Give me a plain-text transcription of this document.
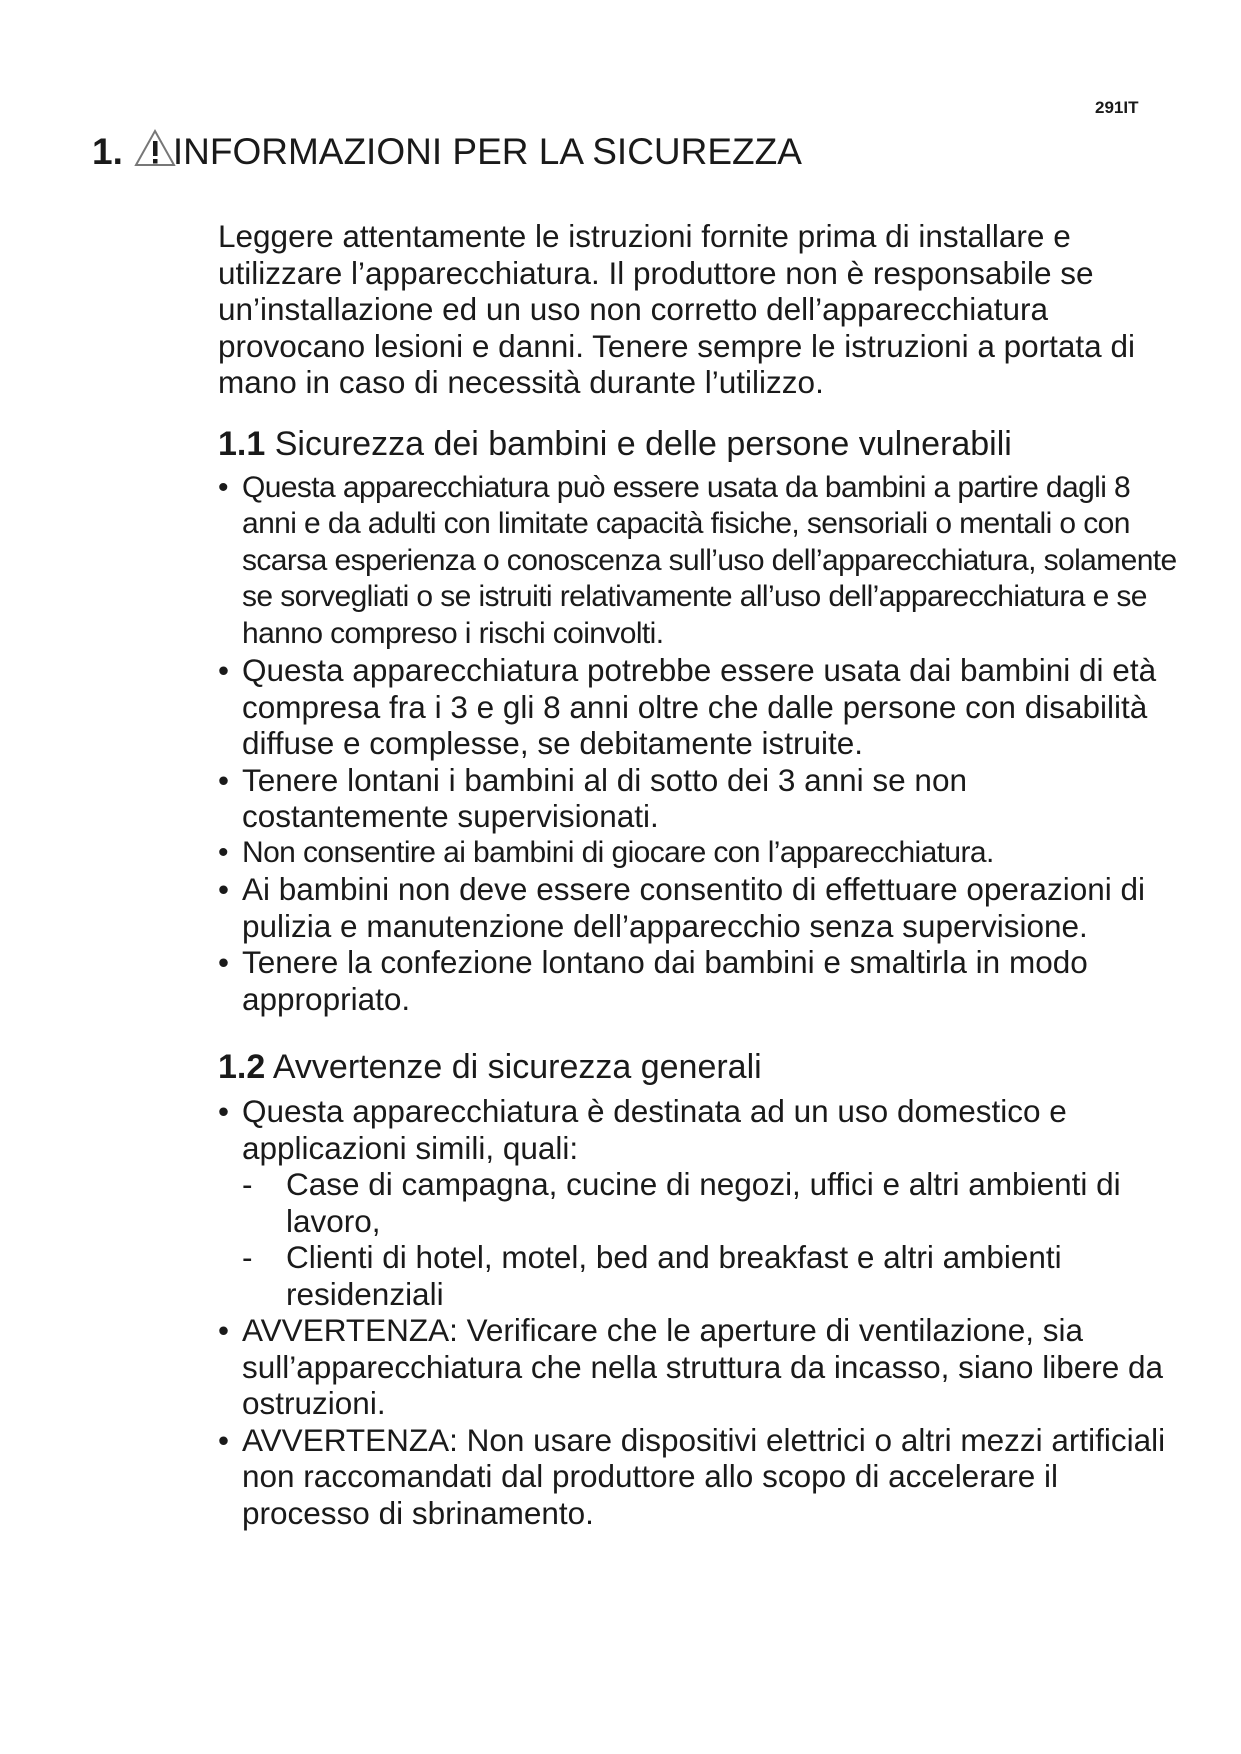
291IT
1. INFORMAZIONI PER LA SICUREZZA

Leggere attentamente le istruzioni fornite prima di installare e utilizzare l’apparecchiatura. Il produttore non è responsabile se un’installazione ed un uso non corretto dell’apparecchiatura provocano lesioni e danni. Tenere sempre le istruzioni a portata di mano in caso di necessità durante l’utilizzo.

1.1 Sicurezza dei bambini e delle persone vulnerabili
• Questa apparecchiatura può essere usata da bambini a partire dagli 8 anni e da adulti con limitate capacità fisiche, sensoriali o mentali o con scarsa esperienza o conoscenza sull’uso dell’apparecchiatura, solamente se sorvegliati o se istruiti relativamente all’uso dell’apparecchiatura e se hanno compreso i rischi coinvolti.
• Questa apparecchiatura potrebbe essere usata dai bambini di età compresa fra i 3 e gli 8 anni oltre che dalle persone con disabilità diffuse e complesse, se debitamente istruite.
• Tenere lontani i bambini al di sotto dei 3 anni se non costantemente supervisionati.
• Non consentire ai bambini di giocare con l’apparecchiatura.
• Ai bambini non deve essere consentito di effettuare operazioni di pulizia e manutenzione dell’apparecchio senza supervisione.
• Tenere la confezione lontano dai bambini e smaltirla in modo appropriato.
1.2 Avvertenze di sicurezza generali
• Questa apparecchiatura è destinata ad un uso domestico e applicazioni simili, quali:
- Case di campagna, cucine di negozi, uffici e altri ambienti di lavoro,
- Clienti di hotel, motel, bed and breakfast e altri ambienti residenziali
• AVVERTENZA: Verificare che le aperture di ventilazione, sia sull’apparecchiatura che nella struttura da incasso, siano libere da ostruzioni.
• AVVERTENZA: Non usare dispositivi elettrici o altri mezzi artificiali non raccomandati dal produttore allo scopo di accelerare il processo di sbrinamento.
